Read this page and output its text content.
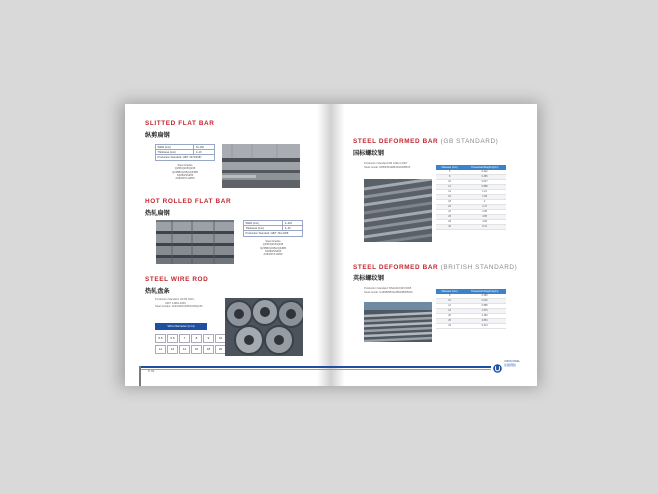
SLITTED FLAT BAR
纵剪扁钢
Width (mm)	10-150
Thickness (mm)	3~16
Production Standard: GB/T 3274/3087	
Steel Grades
Q195/Q215/Q235
Q235B/Q345A/Q345B
SS330/SS400
A36/A572 GR50
HOT ROLLED FLAT BAR
热轧扁钢
Width (mm)	3~220
Thickness (mm)	3~20
Production Standard: GB/T 702-2008	
Steel Grades
Q195/Q215/Q235
Q235B/Q345A/Q345B
SS330/SS400
A36/A572 GR50
STEEL WIRE ROD
热轧盘条
Production Standard: ASTM A510,
GB/T 14981-2009
Steel Grades: SAE1006/1008/1018/Q235
Wire Diameter (mm)
5.5	6.5	7	8	9	10
11	12	14	16	18	20
P·03
STEEL DEFORMED BAR (GB STANDARD)
国标螺纹钢
Production Standard:GB 1499.2-2007
Steel Grade: HRB335/HRB400/HRB500	Diameter (mm)	Theoretical Weight (kg/m)
6	0.222
8	0.395
10	0.617
12	0.888
14	1.21
16	1.58
18	2
20	2.47
22	2.98
25	3.85
28	4.83
32	6.31
STEEL DEFORMED BAR (BRITISH STANDARD)
英标螺纹钢
Production Standard: BS4449:1997/2005
Steel Grade: G460B/B500A/B500B/B500C	Diameter (mm)	Theoretical Weight (kg/m)
8	0.395
10	0.616
12	0.888
16	1.579
20	2.466
25	3.854
32	6.313
UNION STEEL
优耐钢铁
